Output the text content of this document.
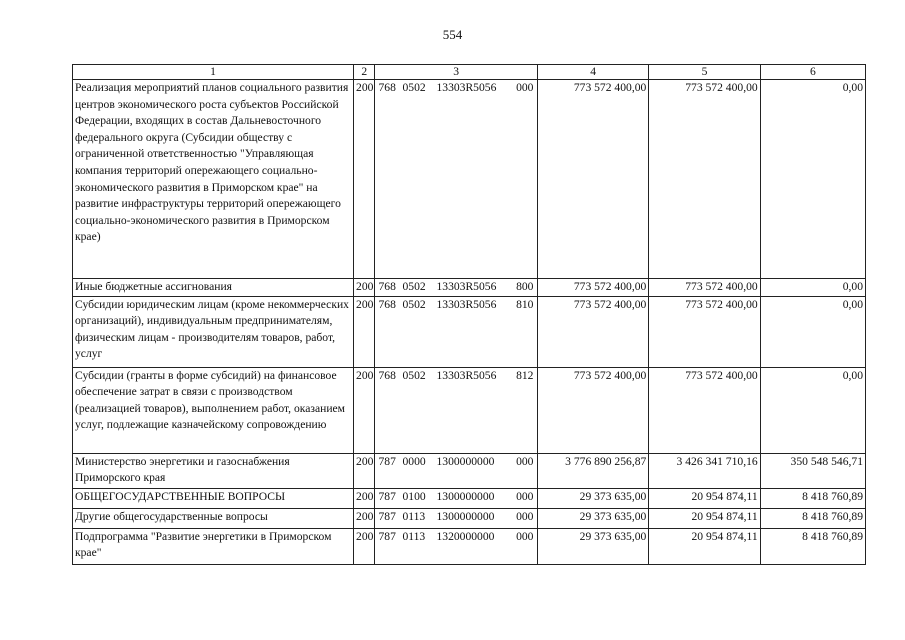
554
1	2	3	4	5	6
Реализация мероприятий планов социального развития центров экономического роста субъектов Российской Федерации, входящих в состав Дальневосточного федерального округа (Субсидии обществу с ограниченной ответственностью "Управляющая компания территорий опережающего социально-экономического развития в Приморском крае" на развитие инфраструктуры территорий опережающего социально-экономического развития в Приморском крае)	200	768 0502 13303R5056 000	773 572 400,00	773 572 400,00	0,00
Иные бюджетные ассигнования	200	768 0502 13303R5056 800	773 572 400,00	773 572 400,00	0,00
Субсидии юридическим лицам (кроме некоммерческих организаций), индивидуальным предпринимателям, физическим лицам - производителям товаров, работ, услуг	200	768 0502 13303R5056 810	773 572 400,00	773 572 400,00	0,00
Субсидии (гранты в форме субсидий) на финансовое обеспечение затрат в связи с производством (реализацией товаров), выполнением работ, оказанием услуг, подлежащие казначейскому сопровождению	200	768 0502 13303R5056 812	773 572 400,00	773 572 400,00	0,00
Министерство энергетики и газоснабжения Приморского края	200	787 0000 1300000000 000	3 776 890 256,87	3 426 341 710,16	350 548 546,71
ОБЩЕГОСУДАРСТВЕННЫЕ ВОПРОСЫ	200	787 0100 1300000000 000	29 373 635,00	20 954 874,11	8 418 760,89
Другие общегосударственные вопросы	200	787 0113 1300000000 000	29 373 635,00	20 954 874,11	8 418 760,89
Подпрограмма "Развитие энергетики в Приморском крае"	200	787 0113 1320000000 000	29 373 635,00	20 954 874,11	8 418 760,89
